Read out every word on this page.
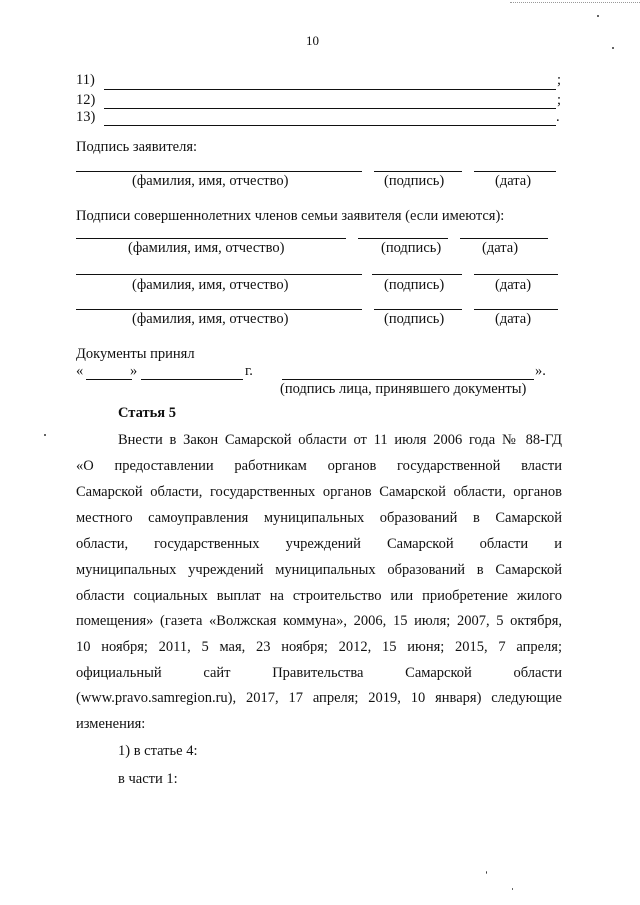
10
11)	;
12)	;
13)	.
Подпись заявителя:
(фамилия, имя, отчество)	(подпись)	(дата)
Подписи совершеннолетних членов семьи заявителя (если имеются):
(фамилия, имя, отчество)	(подпись)	(дата)
(фамилия, имя, отчество)	(подпись)	(дата)
(фамилия, имя, отчество)	(подпись)	(дата)
Документы принял
«	»	г.	».
(подпись лица, принявшего документы)
Статья 5
Внести в Закон Самарской области от 11 июля 2006 года № 88-ГД
«О предоставлении работникам органов государственной власти
Самарской области, государственных органов Самарской области, органов
местного самоуправления муниципальных образований в Самарской
области, государственных учреждений Самарской области и
муниципальных учреждений муниципальных образований в Самарской
области социальных выплат на строительство или приобретение жилого
помещения» (газета «Волжская коммуна», 2006, 15 июля; 2007, 5 октября,
10 ноября; 2011, 5 мая, 23 ноября; 2012, 15 июня; 2015, 7 апреля;
официальный сайт Правительства Самарской области
(www.pravo.samregion.ru), 2017, 17 апреля; 2019, 10 января) следующие
изменения:
1) в статье 4:
в части 1:
